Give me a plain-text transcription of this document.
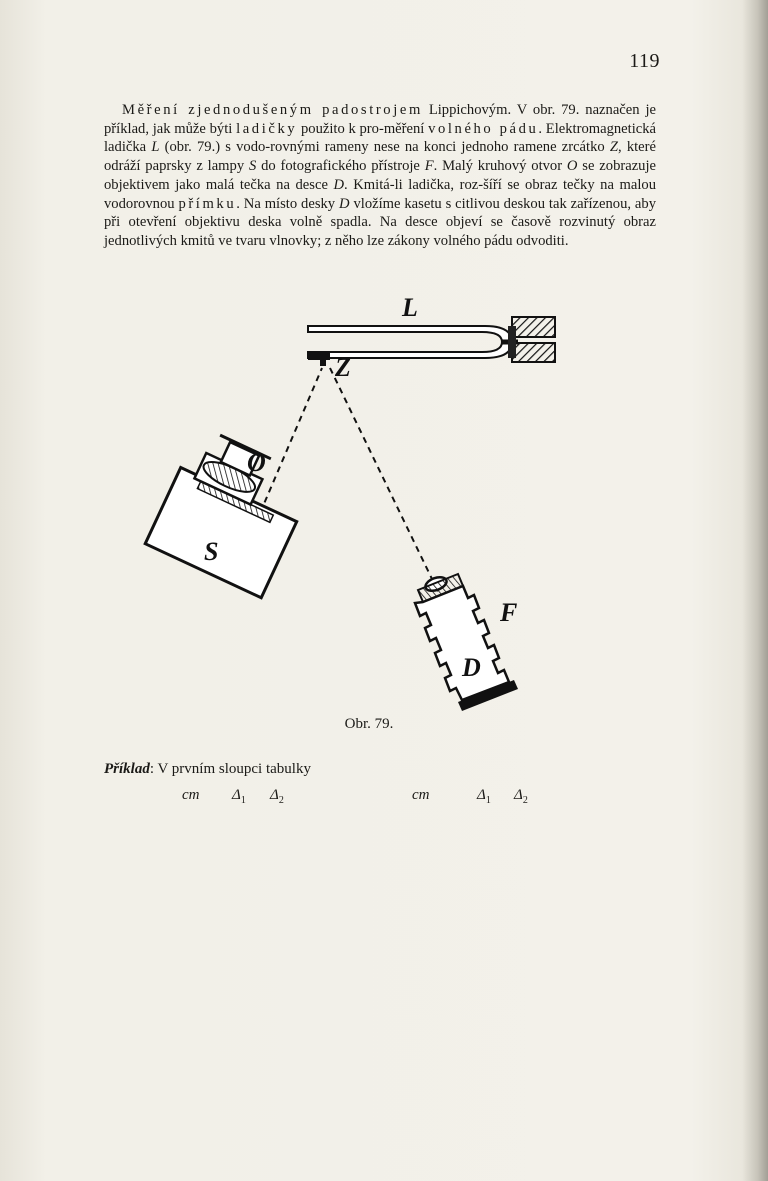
119

Měření zjednodušeným padostrojem Lippichovým. V obr. 79. naznačen je příklad, jak může býti ladičky použito k pro-měření volného pádu. Elektromagnetická ladička L (obr. 79.) s vodo-rovnými rameny nese na konci jednoho ramene zrcátko Z, které odráží paprsky z lampy S do fotografického přístroje F. Malý kruhový otvor O se zobrazuje objektivem jako malá tečka na desce D. Kmitá-li ladička, roz-šíří se obraz tečky na malou vodorovnou přímku. Na místo desky D vložíme kasetu s citlivou deskou tak zařízenou, aby při otevření objektivu deska volně spadla. Na desce objeví se časově rozvinutý obraz jednotlivých kmitů ve tvaru vlnovky; z něho lze zákony volného pádu odvoditi.

L
Z
O
S
F
D
Obr. 79.
Příklad: V prvním sloupci tabulky
cm $\Delta_1$ $\Delta_2$	cm	$\Delta_1$ $\Delta_2$
